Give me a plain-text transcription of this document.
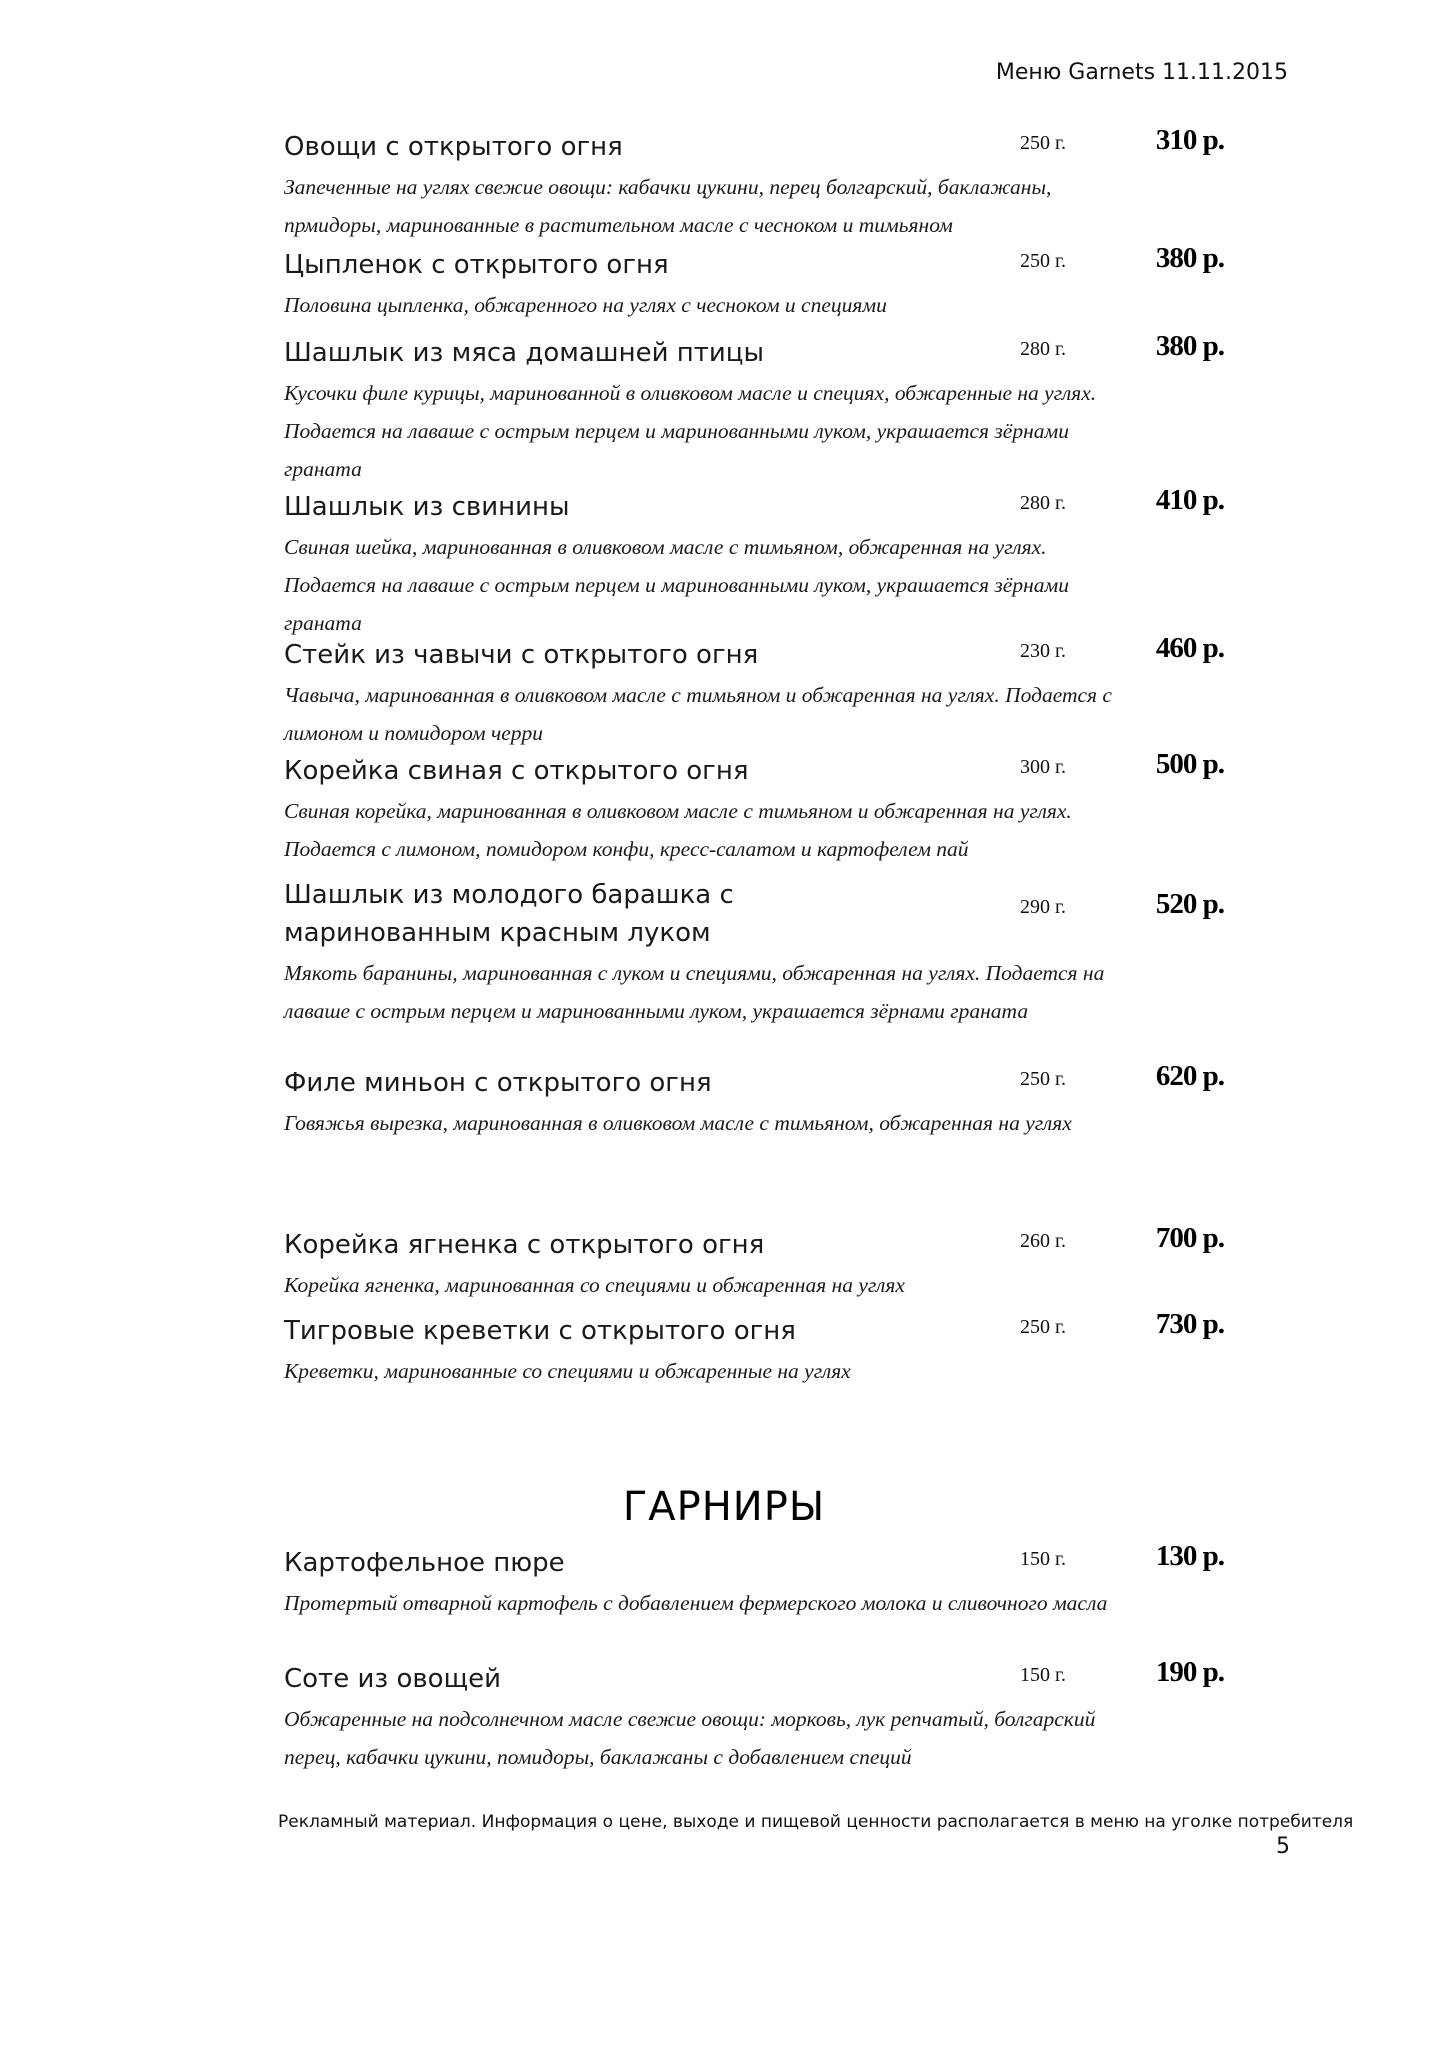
Меню Garnets 11.11.2015
Овощи с открытого огня	250 г.	310 р.
Запеченные на углях свежие овощи: кабачки цукини, перец болгарский, баклажаны,
прмидоры, маринованные в растительном масле с чесноком и тимьяном
Цыпленок с открытого огня	250 г.	380 р.
Половина цыпленка, обжаренного на углях с чесноком и специями
Шашлык из мяса домашней птицы	280 г.	380 р.
Кусочки филе курицы, маринованной в оливковом масле и специях, обжаренные на углях.
Подается на лаваше с острым перцем и маринованными луком, украшается зёрнами
граната
Шашлык из свинины	280 г.	410 р.
Свиная шейка, маринованная в оливковом масле с тимьяном, обжаренная на углях.
Подается на лаваше с острым перцем и маринованными луком, украшается зёрнами
граната
Стейк из чавычи с открытого огня	230 г.	460 р.
Чавыча, маринованная в оливковом масле с тимьяном и обжаренная на углях. Подается с
лимоном и помидором черри
Корейка свиная с открытого огня	300 г.	500 р.
Свиная корейка, маринованная в оливковом масле с тимьяном и обжаренная на углях.
Подается с лимоном, помидором конфи, кресс-салатом и картофелем пай
Шашлык из молодого барашка с маринованным красным луком
290 г.	520 р.
Мякоть баранины, маринованная с луком и специями, обжаренная на углях. Подается на
лаваше с острым перцем и маринованными луком, украшается зёрнами граната
Филе миньон с открытого огня	250 г.	620 р.
Говяжья вырезка, маринованная в оливковом масле с тимьяном, обжаренная на углях
Корейка ягненка с открытого огня	260 г.	700 р.
Корейка ягненка, маринованная со специями и обжаренная на углях
Тигровые креветки с открытого огня	250 г.	730 р.
Креветки, маринованные со специями и обжаренные на углях
ГАРНИРЫ
Картофельное пюре	150 г.	130 р.
Протертый отварной картофель с добавлением фермерского молока и сливочного масла
Соте из овощей	150 г.	190 р.
Обжаренные на подсолнечном масле свежие овощи: морковь, лук репчатый, болгарский
перец, кабачки цукини, помидоры, баклажаны с добавлением специй
Рекламный материал. Информация о цене, выходе и пищевой ценности располагается в меню на уголке потребителя
5
